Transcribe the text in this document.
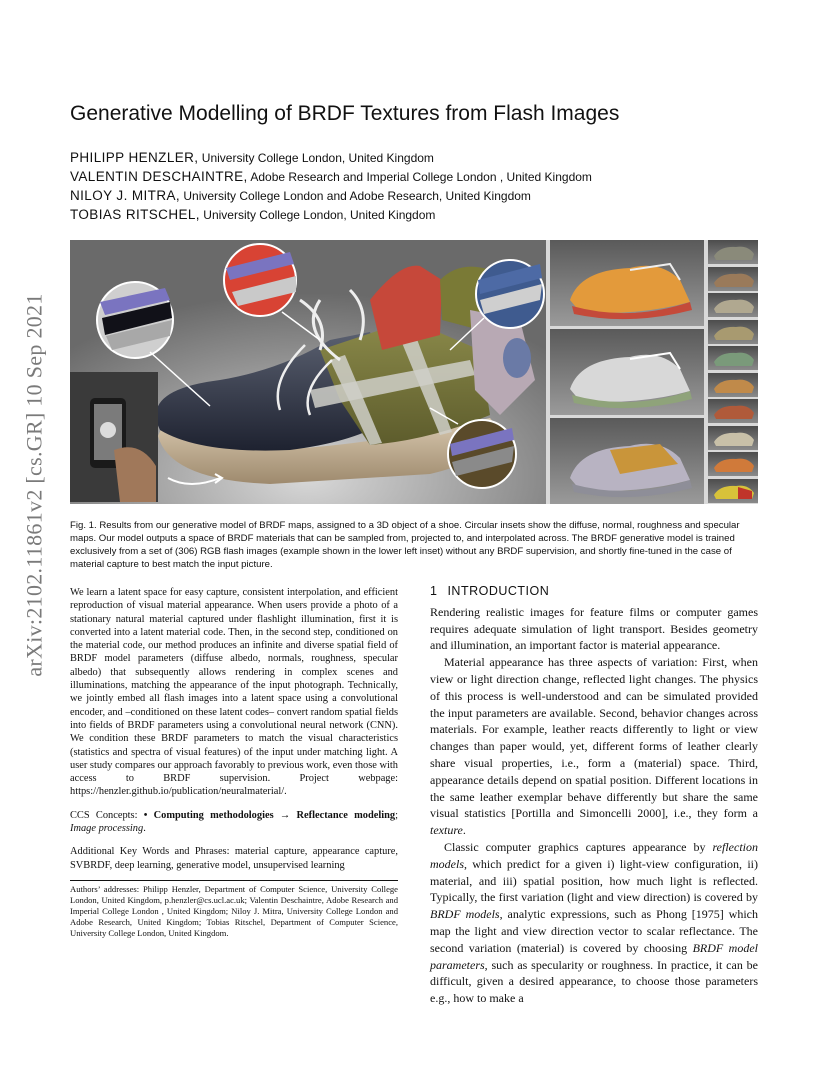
arXiv:2102.11861v2 [cs.GR] 10 Sep 2021
Generative Modelling of BRDF Textures from Flash Images
PHILIPP HENZLER, University College London, United Kingdom
VALENTIN DESCHAINTRE, Adobe Research and Imperial College London , United Kingdom
NILOY J. MITRA, University College London and Adobe Research, United Kingdom
TOBIAS RITSCHEL, University College London, United Kingdom
Fig. 1. Results from our generative model of BRDF maps, assigned to a 3D object of a shoe. Circular insets show the diffuse, normal, roughness and specular maps. Our model outputs a space of BRDF materials that can be sampled from, projected to, and interpolated across. The BRDF generative model is trained exclusively from a set of (306) RGB flash images (example shown in the lower left inset) without any BRDF supervision, and shortly fine-tuned in the case of material capture to best match the input picture.

We learn a latent space for easy capture, consistent interpolation, and efficient reproduction of visual material appearance. When users provide a photo of a stationary natural material captured under flashlight illumination, first it is converted into a latent material code. Then, in the second step, conditioned on the material code, our method produces an infinite and diverse spatial field of BRDF model parameters (diffuse albedo, normals, roughness, specular albedo) that subsequently allows rendering in complex scenes and illuminations, matching the appearance of the input photograph. Technically, we jointly embed all flash images into a latent space using a convolutional encoder, and –conditioned on these latent codes– convert random spatial fields into fields of BRDF parameters using a convolutional neural network (CNN). We condition these BRDF parameters to match the visual characteristics (statistics and spectra of visual features) of the input under matching light. A user study compares our approach favorably to previous work, even those with access to BRDF supervision. Project webpage: https://henzler.github.io/publication/neuralmaterial/.

CCS Concepts: • Computing methodologies → Reflectance modeling; Image processing.

Additional Key Words and Phrases: material capture, appearance capture, SVBRDF, deep learning, generative model, unsupervised learning

Authors’ addresses: Philipp Henzler, Department of Computer Science, University College London, United Kingdom, p.henzler@cs.ucl.ac.uk; Valentin Deschaintre, Adobe Research and Imperial College London , United Kingdom; Niloy J. Mitra, University College London and Adobe Research, United Kingdom; Tobias Ritschel, Department of Computer Science, University College London, United Kingdom.
1 INTRODUCTION

Rendering realistic images for feature films or computer games requires adequate simulation of light transport. Besides geometry and illumination, an important factor is material appearance.

Material appearance has three aspects of variation: First, when view or light direction change, reflected light changes. The physics of this process is well-understood and can be simulated provided the input parameters are available. Second, behavior changes across materials. For example, leather reacts differently to light or view changes than paper would, yet, different forms of leather clearly share visual properties, i.e., form a (material) space. Third, appearance details depend on spatial position. Different locations in the same leather exemplar behave differently but share the same visual statistics [Portilla and Simoncelli 2000], i.e., they form a texture.

Classic computer graphics captures appearance by reflection models, which predict for a given i) light-view configuration, ii) material, and iii) spatial position, how much light is reflected. Typically, the first variation (light and view direction) is covered by BRDF models, analytic expressions, such as Phong [1975] which map the light and view direction vector to scalar reflectance. The second variation (material) is covered by choosing BRDF model parameters, such as specularity or roughness. In practice, it can be difficult, given a desired appearance, to choose those parameters e.g., how to make a
